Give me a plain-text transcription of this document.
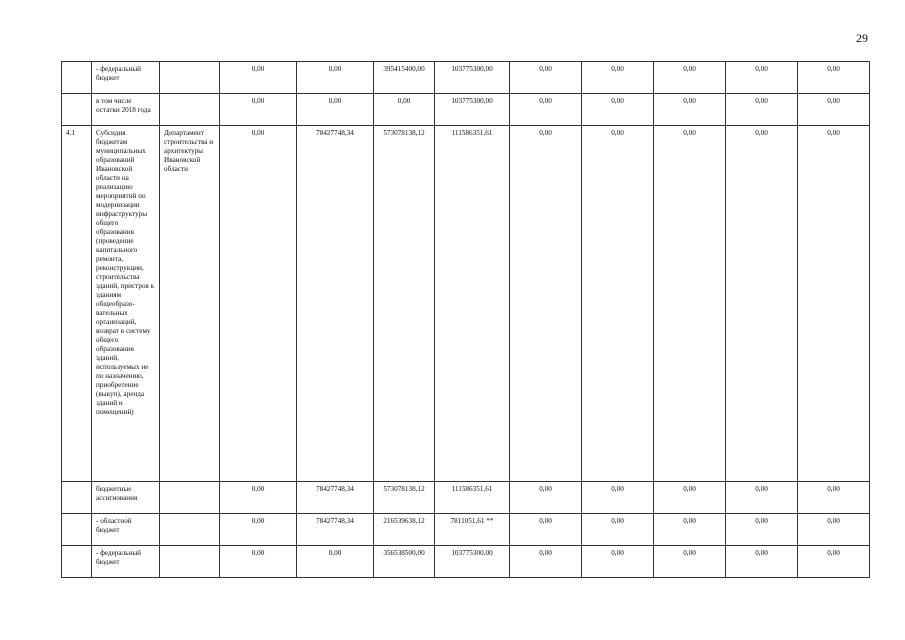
29
	- федеральный бюджет		0,00	0,00	395415400,00	103775300,00	0,00	0,00	0,00	0,00	0,00
	в том числе остатки 2018 года		0,00	0,00	0,00	103775300,00	0,00	0,00	0,00	0,00	0,00
4.1	Субсидия бюджетам муниципальных образований Ивановской области на реализацию мероприятий по модернизации инфраструктуры общего образования (проведение капитального ремонта, реконструкции, строительства зданий, пристроя к зданиям общеобразо-вательных организаций, возврат в систему общего образования зданий, используемых не по назначению, приобретение (выкуп), аренда зданий и помещений)	Департамент строительства и архитектуры Ивановской области	0,00	78427748,34	573078138,12	111586351,61	0,00	0,00	0,00	0,00	0,00
	бюджетные ассигнования		0,00	78427748,34	573078138,12	111586351,61	0,00	0,00	0,00	0,00	0,00
	- областной бюджет		0,00	78427748,34	216539638,12	7811051,61 **	0,00	0,00	0,00	0,00	0,00
	- федеральный бюджет		0,00	0,00	356538500,00	103775300,00	0,00	0,00	0,00	0,00	0,00
